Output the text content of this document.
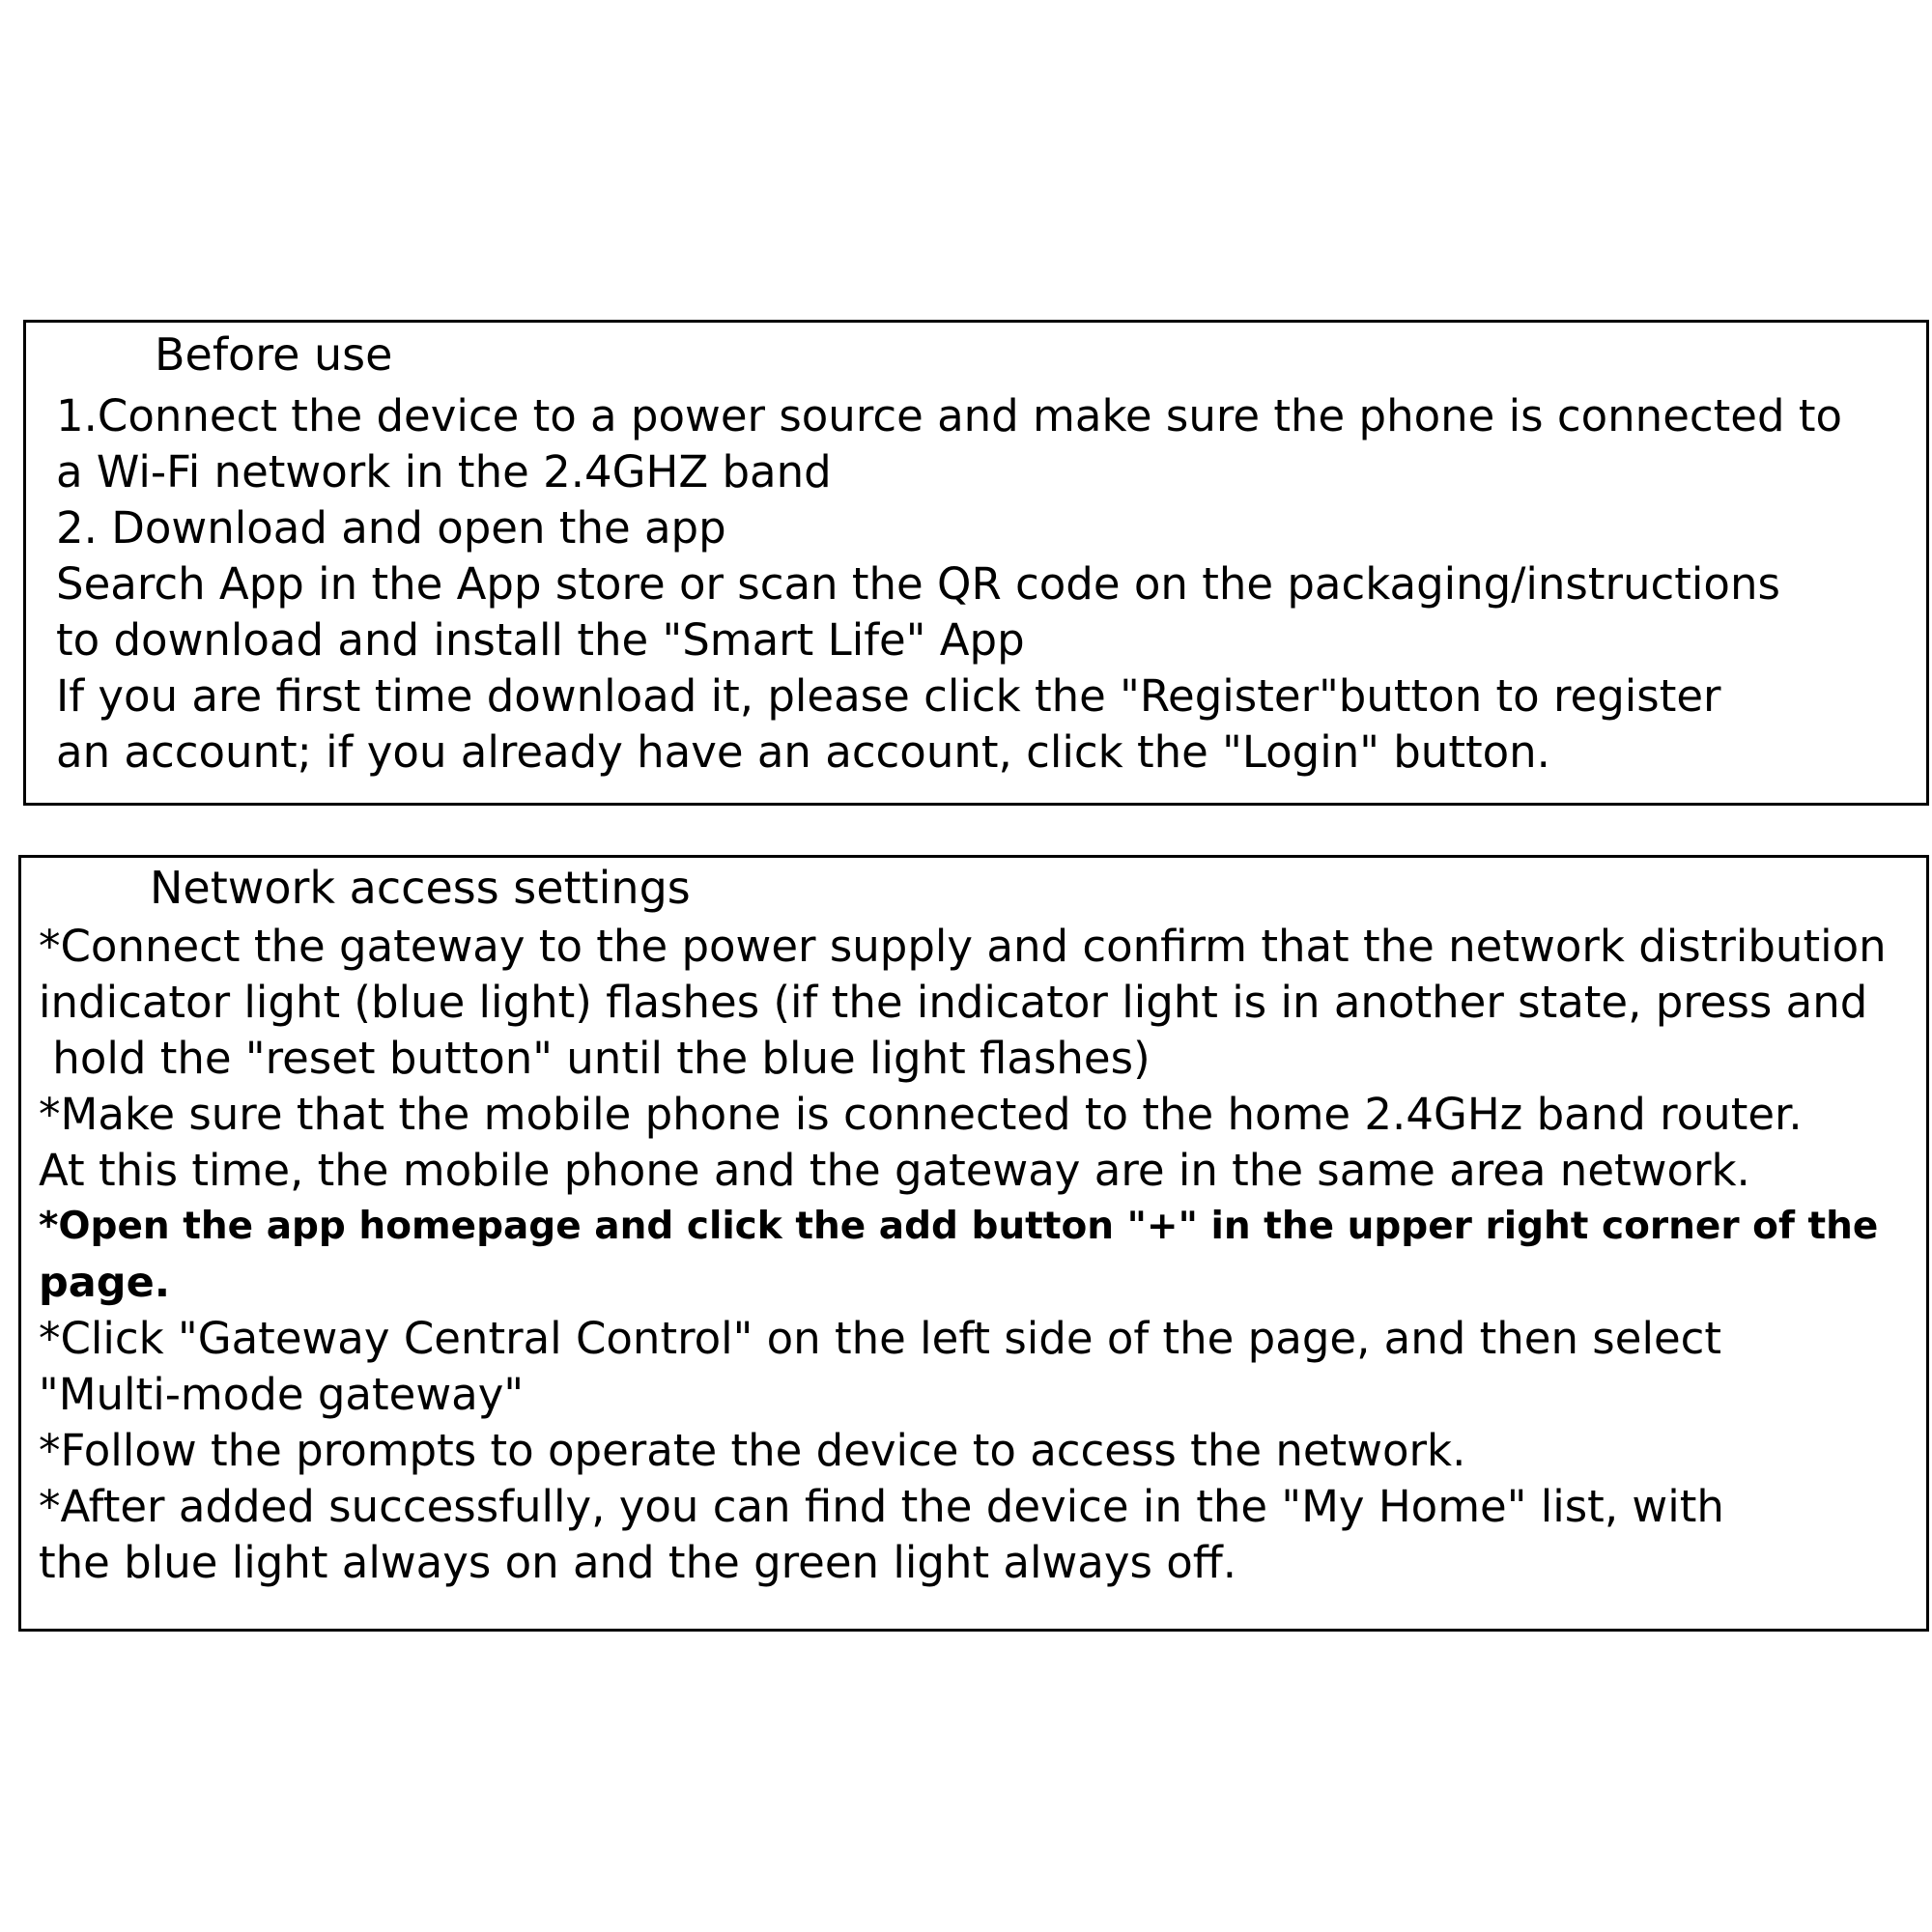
Before use
1.Connect the device to a power source and make sure the phone is connected to
a Wi-Fi network in the 2.4GHZ band
2. Download and open the app
Search App in the App store or scan the QR code on the packaging/instructions
to download and install the "Smart Life" App
If you are first time download it, please click the "Register"button to register
an account; if you already have an account, click the "Login" button.
Network access settings
*Connect the gateway to the power supply and confirm that the network distribution
indicator light (blue light) flashes (if the indicator light is in another state, press and
hold the "reset button" until the blue light flashes)
*Make sure that the mobile phone is connected to the home 2.4GHz band router.
At this time, the mobile phone and the gateway are in the same area network.
*Open the app homepage and click the add button "+" in the upper right corner of the
page.
*Click "Gateway Central Control" on the left side of the page, and then select
"Multi-mode gateway"
*Follow the prompts to operate the device to access the network.
*After added successfully, you can find the device in the "My Home" list, with
the blue light always on and the green light always off.
